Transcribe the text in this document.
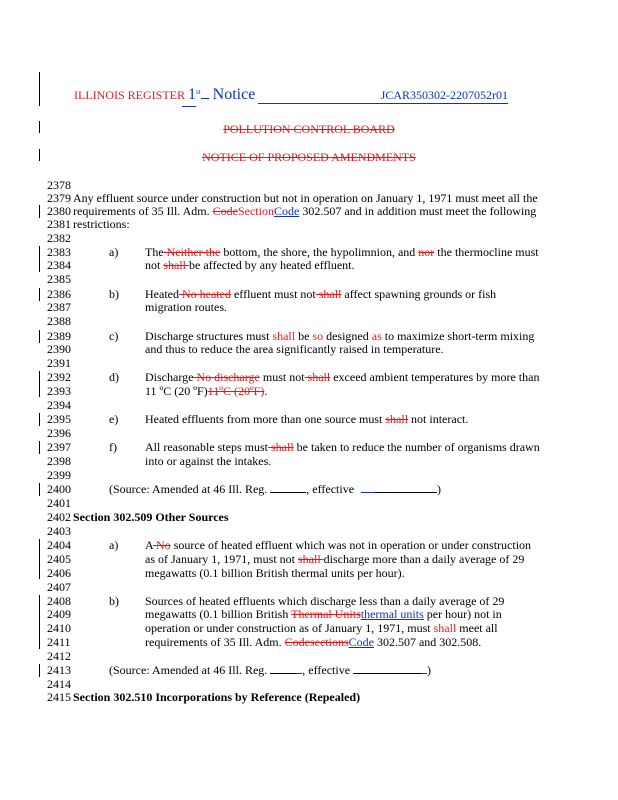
ILLINOIS REGISTER 1st Notice	JCAR350302-2207052r01
POLLUTION CONTROL BOARD
NOTICE OF PROPOSED AMENDMENTS
2378
2379 Any effluent source under construction but not in operation on January 1, 1971 must meet all the
2380 requirements of 35 Ill. Adm. CodeSectionCode 302.507 and in addition must meet the following
2381 restrictions:
2382
2383	a) The Neither the bottom, the shore, the hypolimnion, and nor the thermocline must
2384	not shall be affected by any heated effluent.
2385
2386	b) Heated No heated effluent must not shall affect spawning grounds or fish
2387	migration routes.
2388
2389	c) Discharge structures must shall be so designed as to maximize short-term mixing
2390	and thus to reduce the area significantly raised in temperature.
2391
2392	d) Discharge No discharge must not shall exceed ambient temperatures by more than
2393	11 ºC (20 ºF)11ºC (20ºF).
2394
2395	e) Heated effluents from more than one source must shall not interact.
2396
2397	f) All reasonable steps must shall be taken to reduce the number of organisms drawn
2398	into or against the intakes.
2399
2400	(Source: Amended at 46 Ill. Reg.	, effective	)
2401
2402 Section 302.509 Other Sources
2403
2404	a) A No source of heated effluent which was not in operation or under construction
2405	as of January 1, 1971, must not shall discharge more than a daily average of 29
2406	megawatts (0.1 billion British thermal units per hour).
2407
2408	b) Sources of heated effluents which discharge less than a daily average of 29
2409	megawatts (0.1 billion British Thermal Unitsthermal units per hour) not in
2410	operation or under construction as of January 1, 1971, must shall meet all
2411	requirements of 35 Ill. Adm. CodesectionsCode 302.507 and 302.508.
2412
2413	(Source: Amended at 46 Ill. Reg.	, effective	)
2414
2415 Section 302.510 Incorporations by Reference (Repealed)
